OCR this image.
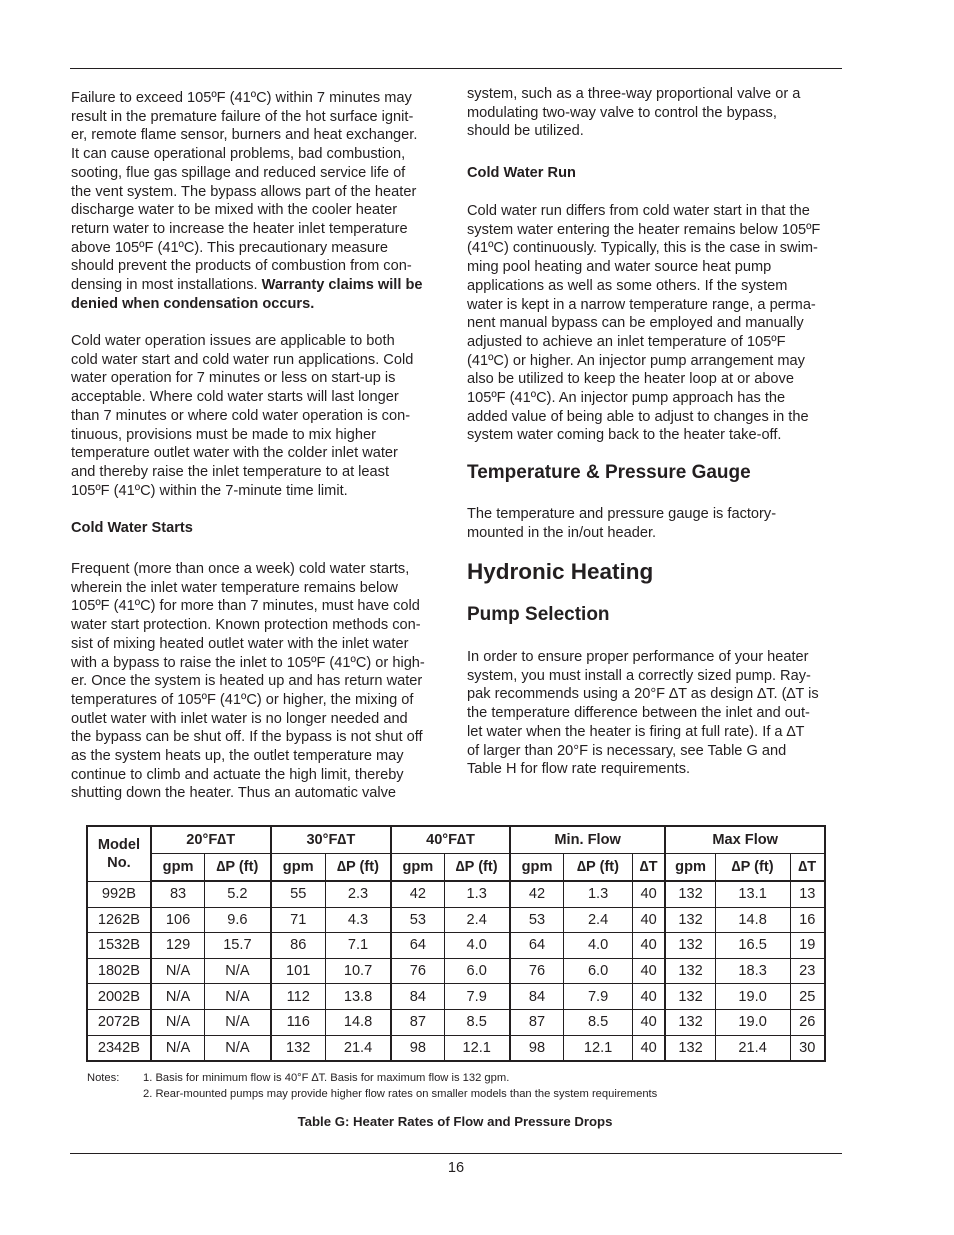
Failure to exceed 105ºF (41ºC) within 7 minutes may
result in the premature failure of the hot surface ignit-
er, remote flame sensor, burners and heat exchanger.
It can cause operational problems, bad combustion,
sooting, flue gas spillage and reduced service life of
the vent system. The bypass allows part of the heater
discharge water to be mixed with the cooler heater
return water to increase the heater inlet temperature
above 105ºF (41ºC). This precautionary measure
should prevent the products of combustion from con-
densing in most installations. Warranty claims will be
denied when condensation occurs.

Cold water operation issues are applicable to both
cold water start and cold water run applications. Cold
water operation for 7 minutes or less on start-up is
acceptable. Where cold water starts will last longer
than 7 minutes or where cold water operation is con-
tinuous, provisions must be made to mix higher
temperature outlet water with the colder inlet water
and thereby raise the inlet temperature to at least
105ºF (41ºC) within the 7-minute time limit.

Cold Water Starts

Frequent (more than once a week) cold water starts,
wherein the inlet water temperature remains below
105ºF (41ºC) for more than 7 minutes, must have cold
water start protection. Known protection methods con-
sist of mixing heated outlet water with the inlet water
with a bypass to raise the inlet to 105ºF (41ºC) or high-
er. Once the system is heated up and has return water
temperatures of 105ºF (41ºC) or higher, the mixing of
outlet water with inlet water is no longer needed and
the bypass can be shut off. If the bypass is not shut off
as the system heats up, the outlet temperature may
continue to climb and actuate the high limit, thereby
shutting down the heater. Thus an automatic valve

system, such as a three-way proportional valve or a
modulating two-way valve to control the bypass,
should be utilized.

Cold Water Run

Cold water run differs from cold water start in that the
system water entering the heater remains below 105ºF
(41ºC) continuously. Typically, this is the case in swim-
ming pool heating and water source heat pump
applications as well as some others. If the system
water is kept in a narrow temperature range, a perma-
nent manual bypass can be employed and manually
adjusted to achieve an inlet temperature of 105ºF
(41ºC) or higher. An injector pump arrangement may
also be utilized to keep the heater loop at or above
105ºF (41ºC). An injector pump approach has the
added value of being able to adjust to changes in the
system water coming back to the heater take-off.

Temperature & Pressure Gauge

The temperature and pressure gauge is factory-
mounted in the in/out header.

Hydronic Heating
Pump Selection

In order to ensure proper performance of your heater
system, you must install a correctly sized pump. Ray-
pak recommends using a 20°F ∆T as design ∆T. (∆T is
the temperature difference between the inlet and out-
let water when the heater is firing at full rate). If a ∆T
of larger than 20°F is necessary, see Table G and
Table H for flow rate requirements.

Model
No.	20°F∆T		30°F∆T		40°F∆T		Min. Flow			Max Flow		
	gpm	∆P (ft)	gpm	∆P (ft)	gpm	∆P (ft)	gpm	∆P (ft)	∆T	gpm	∆P (ft)	∆T
992B	83	5.2	55	2.3	42	1.3	42	1.3	40	132	13.1	13
1262B	106	9.6	71	4.3	53	2.4	53	2.4	40	132	14.8	16
1532B	129	15.7	86	7.1	64	4.0	64	4.0	40	132	16.5	19
1802B	N/A	N/A	101	10.7	76	6.0	76	6.0	40	132	18.3	23
2002B	N/A	N/A	112	13.8	84	7.9	84	7.9	40	132	19.0	25
2072B	N/A	N/A	116	14.8	87	8.5	87	8.5	40	132	19.0	26
2342B	N/A	N/A	132	21.4	98	12.1	98	12.1	40	132	21.4	30
Notes: 1. Basis for minimum flow is 40°F ∆T. Basis for maximum flow is 132 gpm.
2. Rear-mounted pumps may provide higher flow rates on smaller models than the system requirements
Table G: Heater Rates of Flow and Pressure Drops
16
